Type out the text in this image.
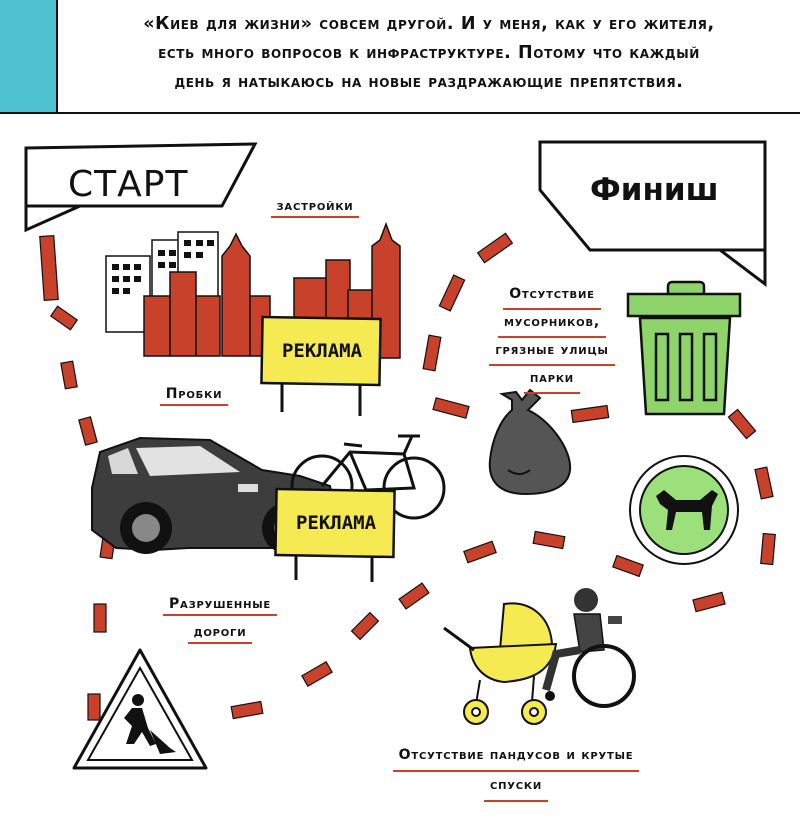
«Киев для жизни» совсем другой. И у меня, как у его жителя,
есть много вопросов к инфраструктуре. Потому что каждый
день я натыкаюсь на новые раздражающие препятствия.
СТАРТ	Финиш
застройки
Пробки
Разрушенные
дороги
Отсутствие
мусорников,
грязные улицы
парки
Отсутствие пандусов и крутые
спуски
РЕКЛАМА
РЕКЛАМА
